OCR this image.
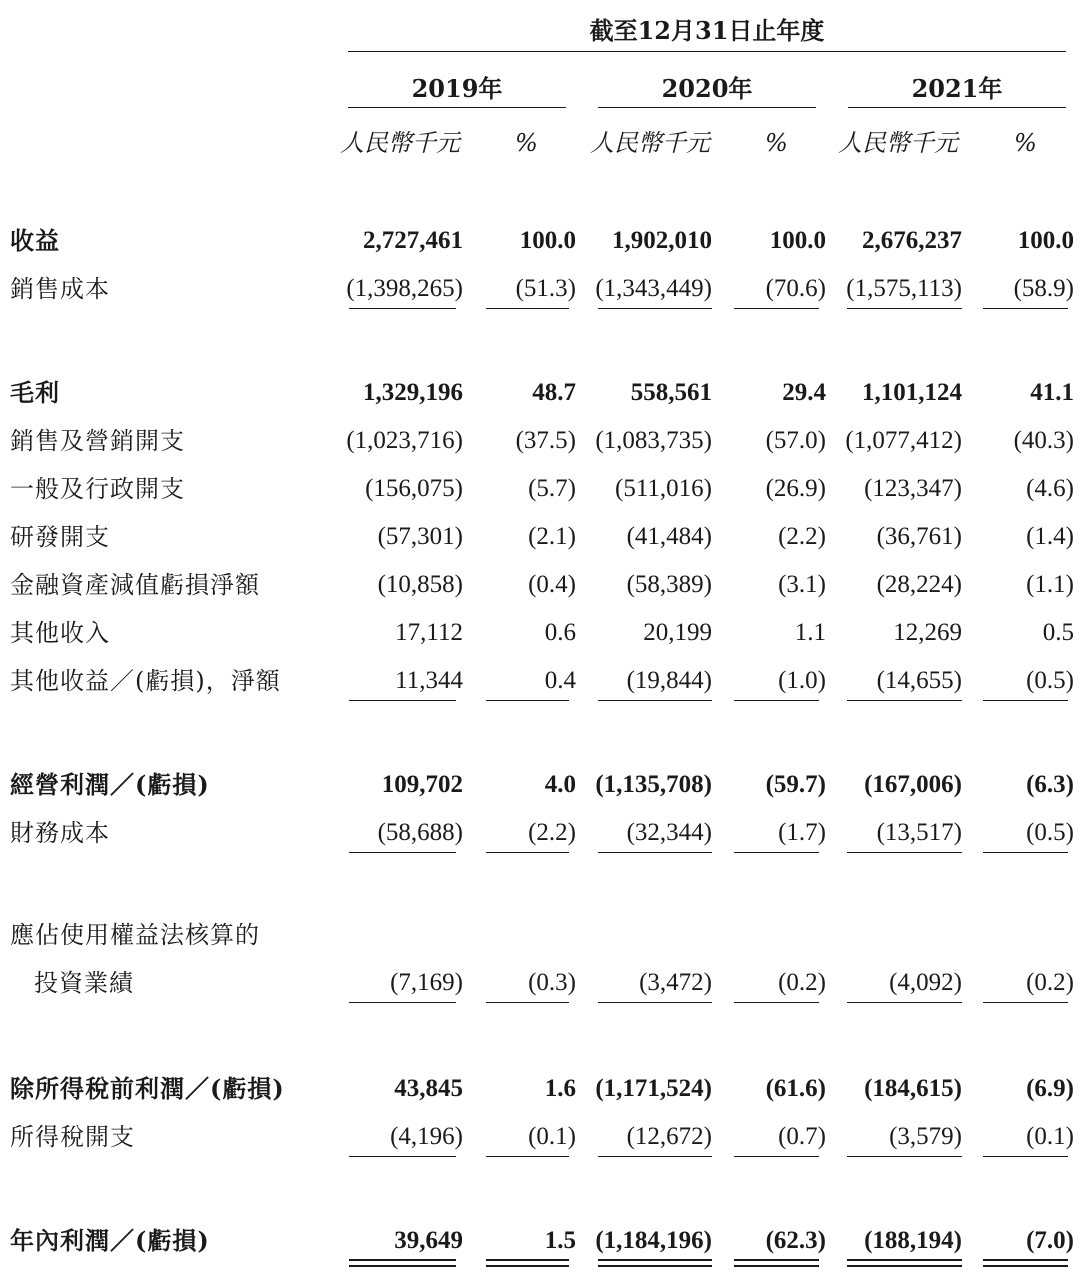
截至12月31日止年度
2019年	2020年	2021年
人民幣千元 % 人民幣千元 % 人民幣千元 %
收益	2,727,461 100.0 1,902,010 100.0 2,676,237 100.0
銷售成本	(1,398,265) (51.3) (1,343,449) (70.6) (1,575,113) (58.9)
毛利	1,329,196	48.7 558,561	29.4 1,101,124	41.1
銷售及營銷開支	(1,023,716) (37.5) (1,083,735) (57.0) (1,077,412) (40.3)
一般及行政開支	(156,075)	(5.7) (511,016) (26.9) (123,347)	(4.6)
研發開支	(57,301)	(2.1) (41,484)	(2.2) (36,761)	(1.4)
金融資產減值虧損淨額	(10,858)	(0.4) (58,389)	(3.1) (28,224)	(1.1)
其他收入	17,112	0.6	20,199	1.1	12,269	0.5
其他收益／(虧損)，淨額	11,344	0.4 (19,844)	(1.0) (14,655)	(0.5)
經營利潤／(虧損)	109,702	4.0 (1,135,708) (59.7) (167,006)	(6.3)
財務成本	(58,688)	(2.2) (32,344)	(1.7) (13,517)	(0.5)
應佔使用權益法核算的
投資業績	(7,169)	(0.3)	(3,472)	(0.2)	(4,092)	(0.2)
除所得稅前利潤／(虧損)	43,845	1.6 (1,171,524) (61.6) (184,615)	(6.9)
所得稅開支	(4,196)	(0.1) (12,672)	(0.7)	(3,579)	(0.1)
年內利潤／(虧損)	39,649	1.5 (1,184,196) (62.3) (188,194)	(7.0)
